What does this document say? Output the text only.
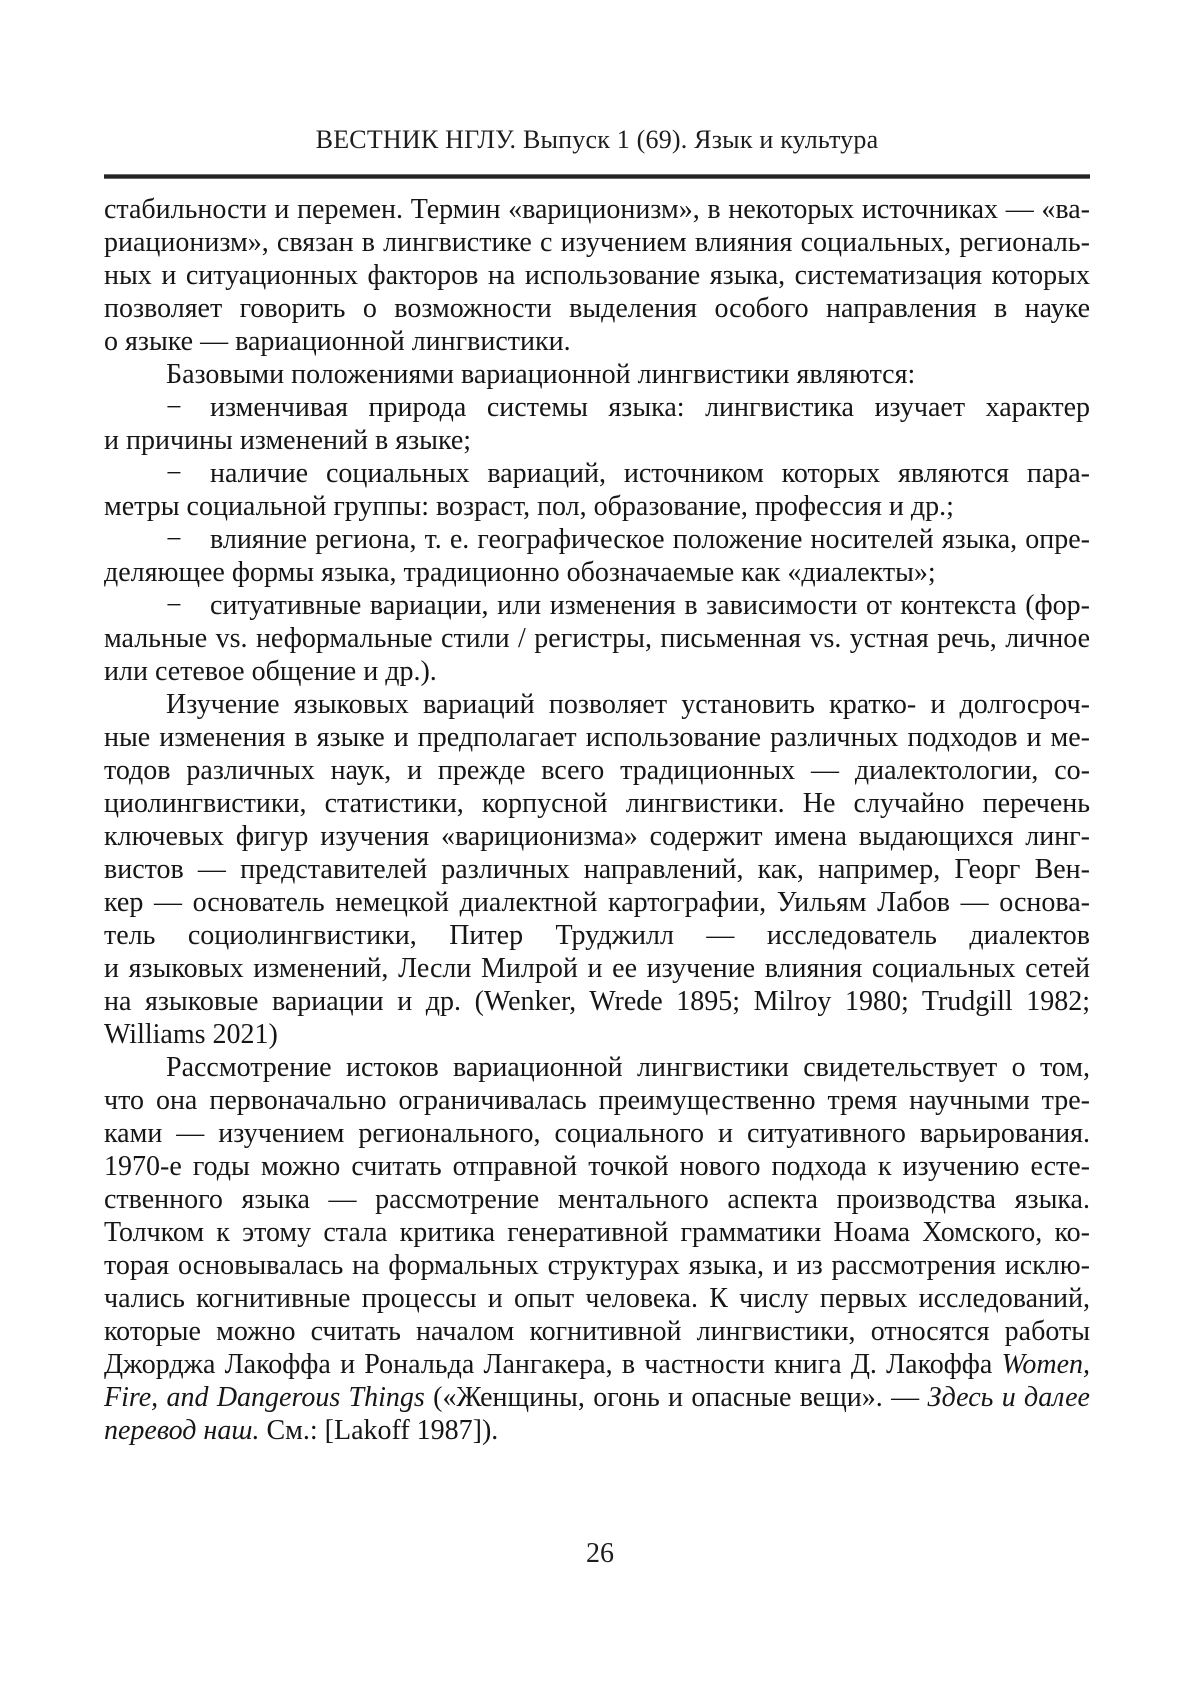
ВЕСТНИК НГЛУ. Выпуск 1 (69). Язык и культура
стабильности и перемен. Термин «вариционизм», в некоторых источниках — «ва-
риационизм», связан в лингвистике с изучением влияния социальных, региональ-
ных и ситуационных факторов на использование языка, систематизация которых
позволяет говорить о возможности выделения особого направления в науке
о языке — вариационной лингвистики.
Базовыми положениями вариационной лингвистики являются:
− изменчивая природа системы языка: лингвистика изучает характер
и причины изменений в языке;
− наличие социальных вариаций, источником которых являются пара-
метры социальной группы: возраст, пол, образование, профессия и др.;
− влияние региона, т. е. географическое положение носителей языка, опре-
деляющее формы языка, традиционно обозначаемые как «диалекты»;
− ситуативные вариации, или изменения в зависимости от контекста (фор-
мальные vs. неформальные стили / регистры, письменная vs. устная речь, личное
или сетевое общение и др.).
Изучение языковых вариаций позволяет установить кратко- и долгосроч-
ные изменения в языке и предполагает использование различных подходов и ме-
тодов различных наук, и прежде всего традиционных — диалектологии, со-
циолингвистики, статистики, корпусной лингвистики. Не случайно перечень
ключевых фигур изучения «вариционизма» содержит имена выдающихся линг-
вистов — представителей различных направлений, как, например, Георг Вен-
кер — основатель немецкой диалектной картографии, Уильям Лабов — основа-
тель социолингвистики, Питер Труджилл — исследователь диалектов
и языковых изменений, Лесли Милрой и ее изучение влияния социальных сетей
на языковые вариации и др. (Wenker, Wrede 1895; Milroy 1980; Trudgill 1982;
Williams 2021)
Рассмотрение истоков вариационной лингвистики свидетельствует о том,
что она первоначально ограничивалась преимущественно тремя научными тре-
ками — изучением регионального, социального и ситуативного варьирования.
1970-е годы можно считать отправной точкой нового подхода к изучению есте-
ственного языка — рассмотрение ментального аспекта производства языка.
Толчком к этому стала критика генеративной грамматики Ноама Хомского, ко-
торая основывалась на формальных структурах языка, и из рассмотрения исклю-
чались когнитивные процессы и опыт человека. К числу первых исследований,
которые можно считать началом когнитивной лингвистики, относятся работы
Джорджа Лакоффа и Рональда Лангакера, в частности книга Д. Лакоффа Women,
Fire, and Dangerous Things («Женщины, огонь и опасные вещи». — Здесь и далее
перевод наш. См.: [Lakoff 1987]).
26
